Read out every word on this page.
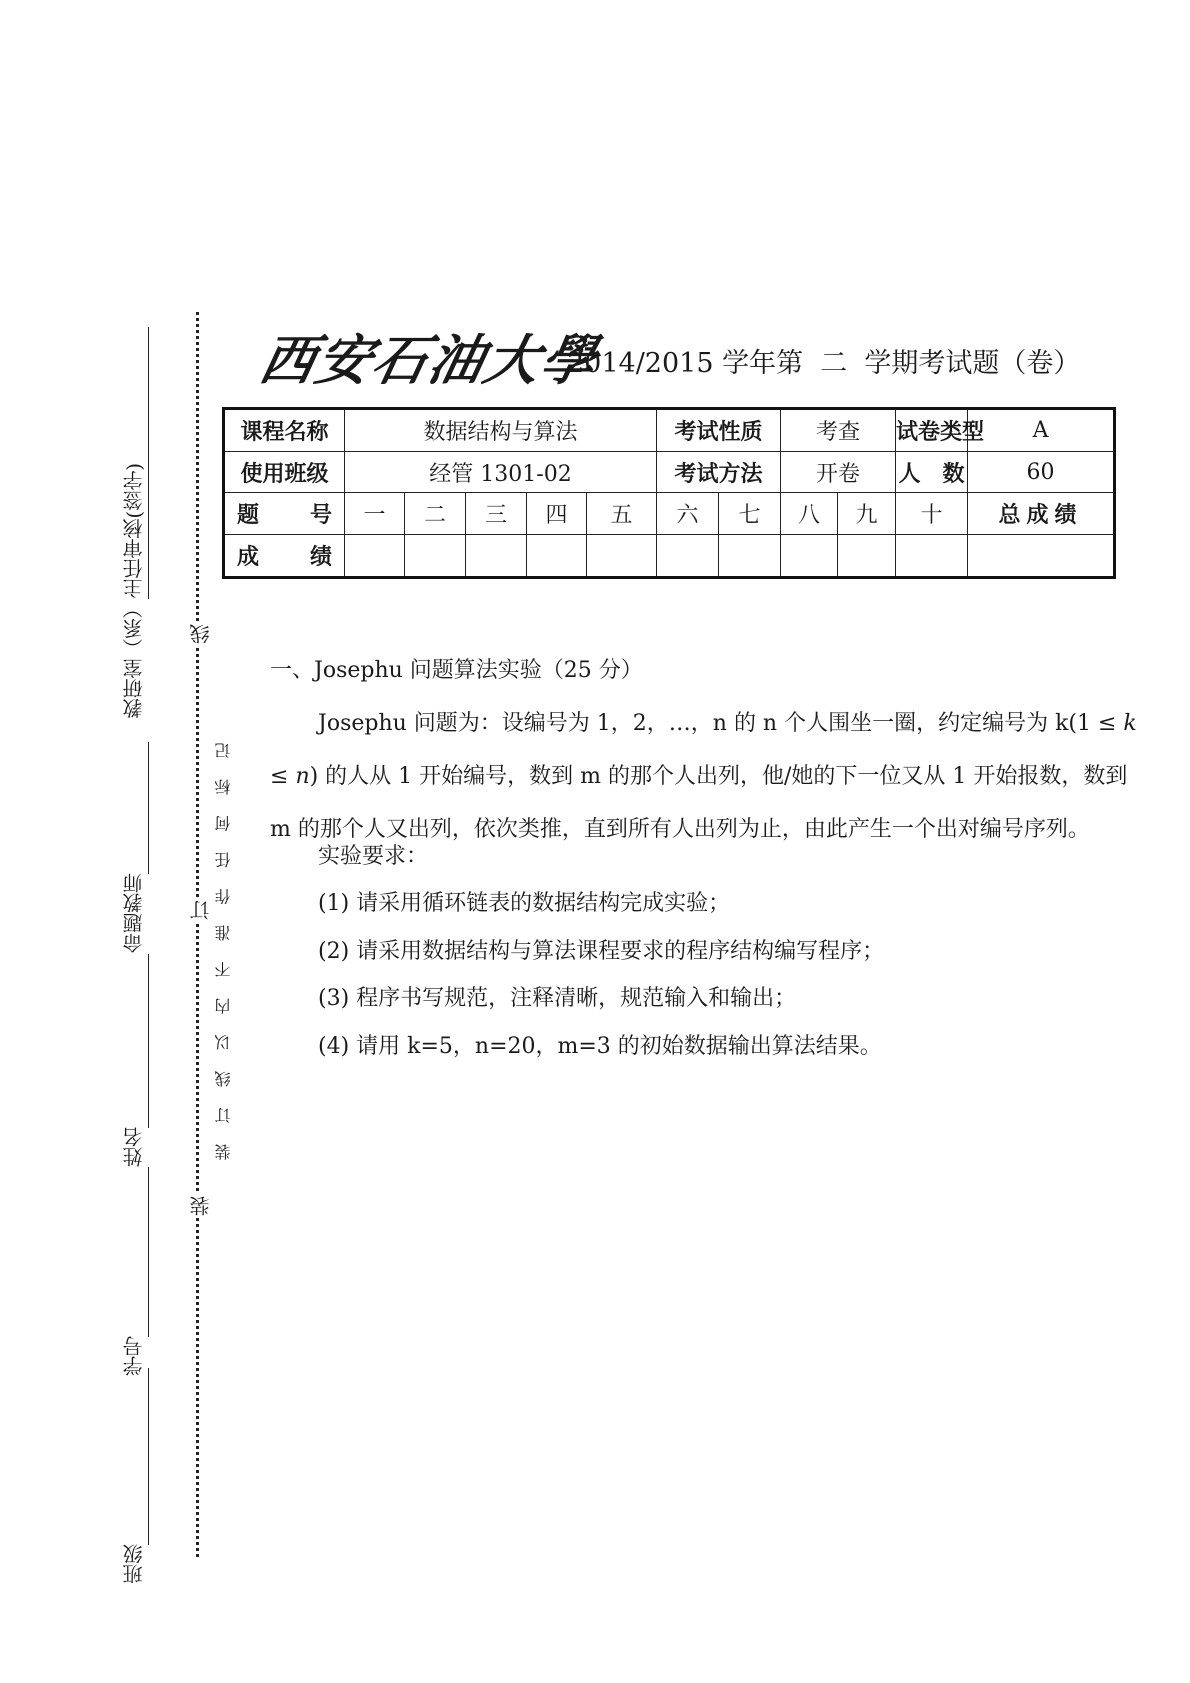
教研室（系）主任审核(签字)
命题教师
姓名
学号
班级
线
订
装
装订线以内不准作任何标记
西安石油大學
2014/2015 学年第  二  学期考试题（卷）
课程名称	数据结构与算法					考试性质		考查		试卷类型	A
使用班级	经管 1301-02					考试方法		开卷		人　数	60
题　　号	一	二	三	四	五	六	七	八	九	十	总成绩
成　　绩											
一、Josephu 问题算法实验（25 分）
Josephu 问题为：设编号为 1，2，…，n 的 n 个人围坐一圈，约定编号为 k(1 ≤ k ≤ n) 的人从 1 开始编号，数到 m 的那个人出列，他/她的下一位又从 1 开始报数，数到 m 的那个人又出列，依次类推，直到所有人出列为止，由此产生一个出对编号序列。
实验要求：
(1) 请采用循环链表的数据结构完成实验；
(2) 请采用数据结构与算法课程要求的程序结构编写程序；
(3) 程序书写规范，注释清晰，规范输入和输出；
(4) 请用 k=5，n=20，m=3 的初始数据输出算法结果。
